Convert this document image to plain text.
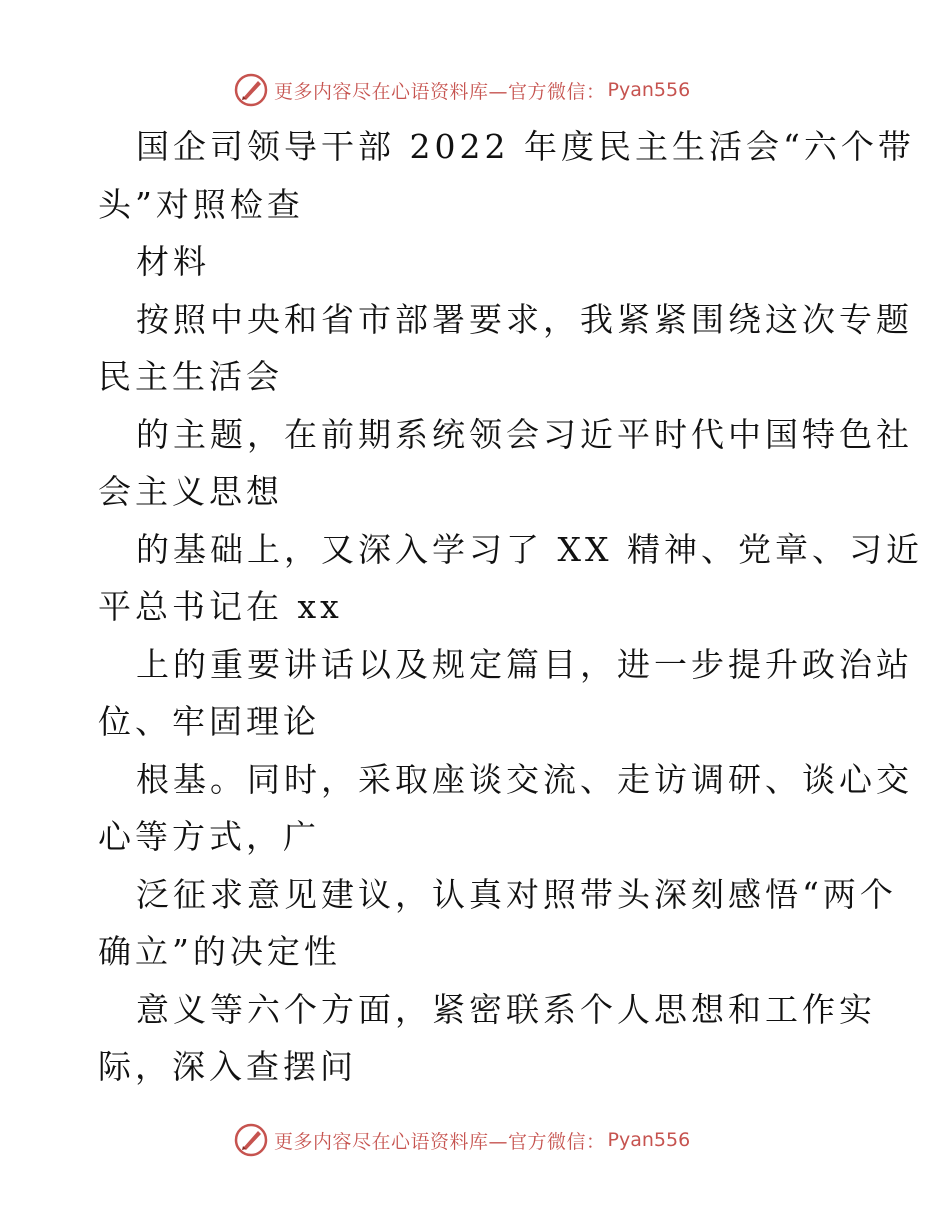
更多内容尽在心语资料库—官方微信： Pyan556
国企司领导干部 2022 年度民主生活会“六个带
头”对照检查
材料
按照中央和省市部署要求，我紧紧围绕这次专题
民主生活会
的主题，在前期系统领会习近平时代中国特色社
会主义思想
的基础上，又深入学习了 XX 精神、党章、习近
平总书记在 xx
上的重要讲话以及规定篇目，进一步提升政治站
位、牢固理论
根基。同时，采取座谈交流、走访调研、谈心交
心等方式，广
泛征求意见建议，认真对照带头深刻感悟“两个
确立”的决定性
意义等六个方面，紧密联系个人思想和工作实
际，深入查摆问
更多内容尽在心语资料库—官方微信： Pyan556
